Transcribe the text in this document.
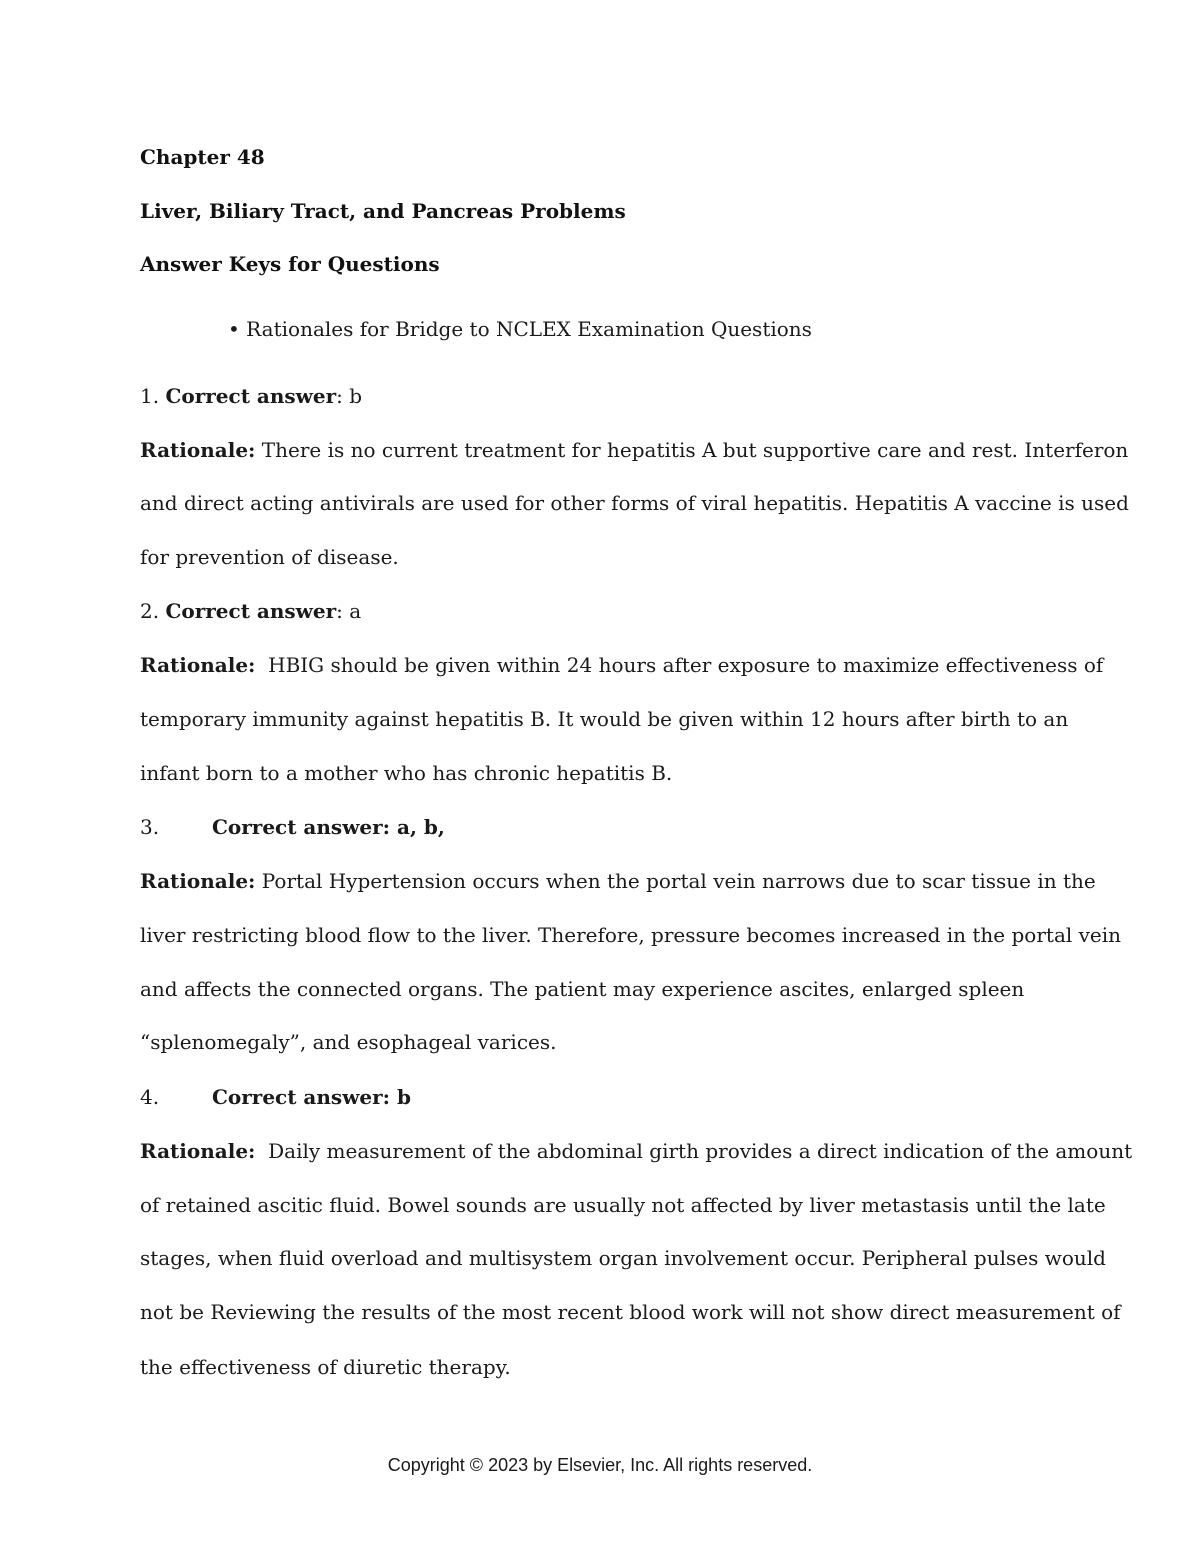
Chapter 48
Liver, Biliary Tract, and Pancreas Problems
Answer Keys for Questions
• Rationales for Bridge to NCLEX Examination Questions
1. Correct answer: b
Rationale: There is no current treatment for hepatitis A but supportive care and rest. Interferon
and direct acting antivirals are used for other forms of viral hepatitis. Hepatitis A vaccine is used
for prevention of disease.
2. Correct answer: a
Rationale: HBIG should be given within 24 hours after exposure to maximize effectiveness of
temporary immunity against hepatitis B. It would be given within 12 hours after birth to an
infant born to a mother who has chronic hepatitis B.
3.	Correct answer: a, b,
Rationale: Portal Hypertension occurs when the portal vein narrows due to scar tissue in the
liver restricting blood flow to the liver. Therefore, pressure becomes increased in the portal vein
and affects the connected organs. The patient may experience ascites, enlarged spleen
“splenomegaly”, and esophageal varices.
4.	Correct answer: b
Rationale: Daily measurement of the abdominal girth provides a direct indication of the amount
of retained ascitic fluid. Bowel sounds are usually not affected by liver metastasis until the late
stages, when fluid overload and multisystem organ involvement occur. Peripheral pulses would
not be Reviewing the results of the most recent blood work will not show direct measurement of
the effectiveness of diuretic therapy.
Copyright © 2023 by Elsevier, Inc. All rights reserved.
